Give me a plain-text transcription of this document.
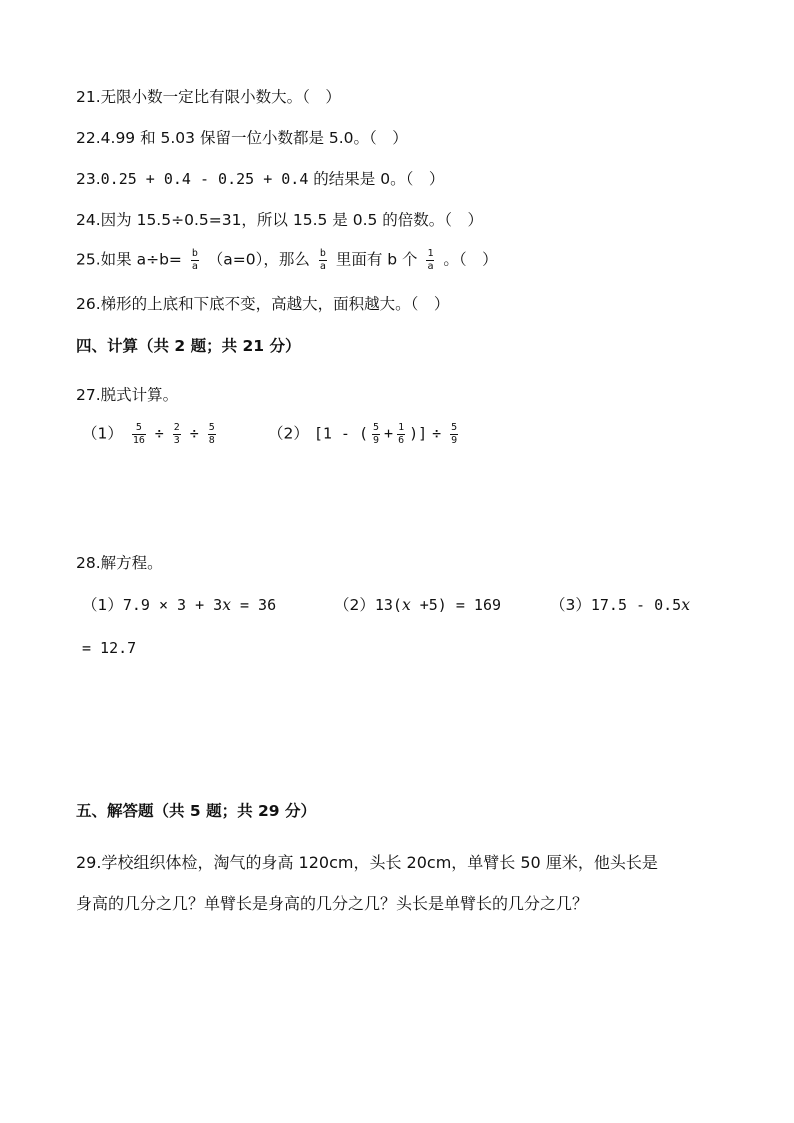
21.无限小数一定比有限小数大。（　）
22.4.99 和 5.03 保留一位小数都是 5.0。（　）
23.0.25 + 0.4 - 0.25 + 0.4 的结果是 0。（　）
24.因为 15.5÷0.5=31，所以 15.5 是 0.5 的倍数。（　）
25.如果 $a\div b= \frac{b}{a} (a=0)$，那么 $\frac{b}{a}$ 里面有 b 个 $\frac{1}{a}$ 。（　）
26.梯形的上底和下底不变，高越大，面积越大。（　）
四、计算（共 2 题；共 21 分）
27.脱式计算。
$(1) \frac{5}{16} \div \frac{2}{3} \div \frac{5}{8}$	（2） [1 - ( $\frac{5}{9} + \frac{1}{6}$ )] ÷ $\frac{5}{9}$
28.解方程。
（1）7.9 × 3 + 3x = 36	（2）13(x +5) = 169	（3）17.5 - 0.5x
= 12.7
五、解答题（共 5 题；共 29 分）
29.学校组织体检，淘气的身高 120cm，头长 20cm，单臂长 50 厘米，他头长是
身高的几分之几？单臂长是身高的几分之几？头长是单臂长的几分之几？
